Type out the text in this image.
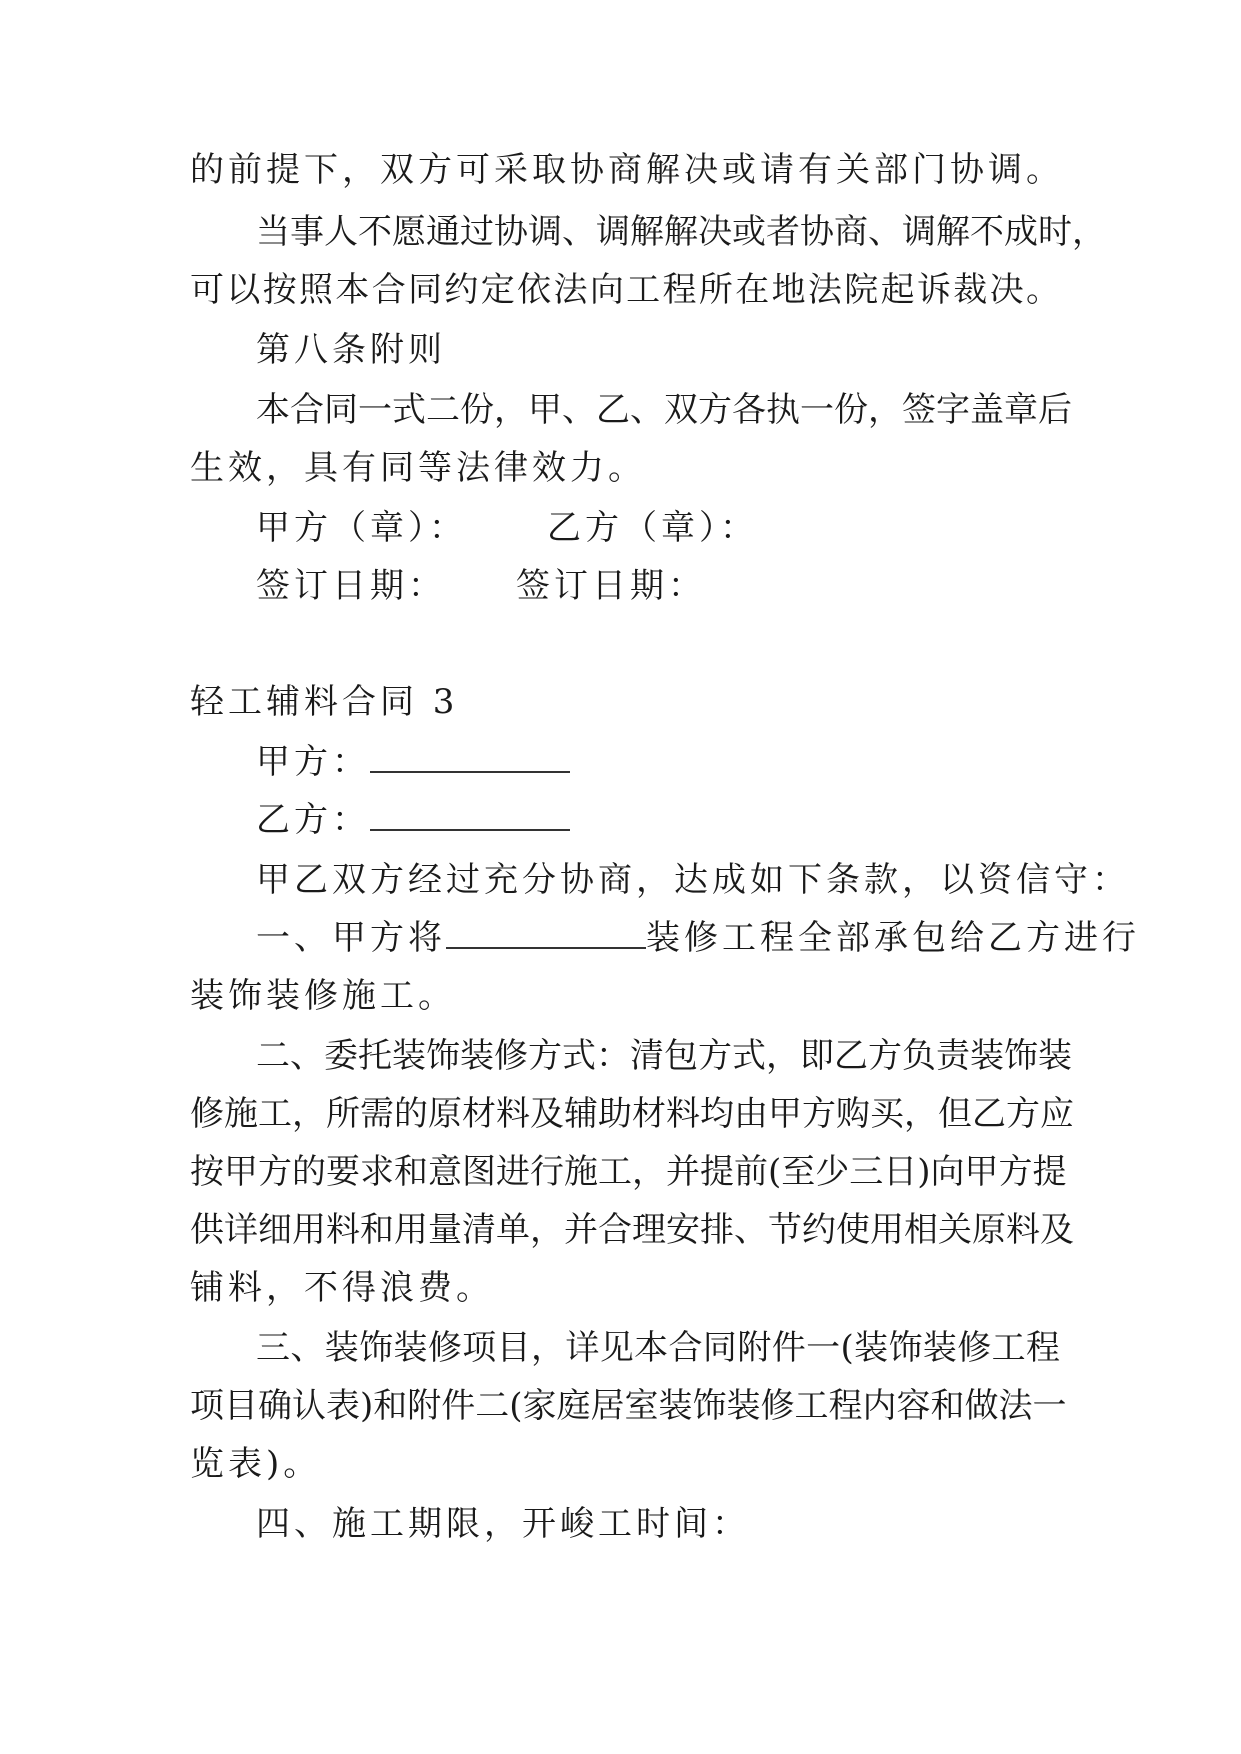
的前提下，双方可采取协商解决或请有关部门协调。
当事人不愿通过协调、调解解决或者协商、调解不成时，
可以按照本合同约定依法向工程所在地法院起诉裁决。
第八条附则
本合同一式二份，甲、乙、双方各执一份，签字盖章后
生效，具有同等法律效力。
甲方（章）： 乙方（章）：
签订日期： 签订日期：
轻工辅料合同 3
甲方：
乙方：
甲乙双方经过充分协商，达成如下条款，以资信守：
一、甲方将	装修工程全部承包给乙方进行
装饰装修施工。
二、委托装饰装修方式：清包方式，即乙方负责装饰装
修施工，所需的原材料及辅助材料均由甲方购买，但乙方应
按甲方的要求和意图进行施工，并提前(至少三日)向甲方提
供详细用料和用量清单，并合理安排、节约使用相关原料及
铺料，不得浪费。
三、装饰装修项目，详见本合同附件一(装饰装修工程
项目确认表)和附件二(家庭居室装饰装修工程内容和做法一
览表)。
四、施工期限，开峻工时间：
